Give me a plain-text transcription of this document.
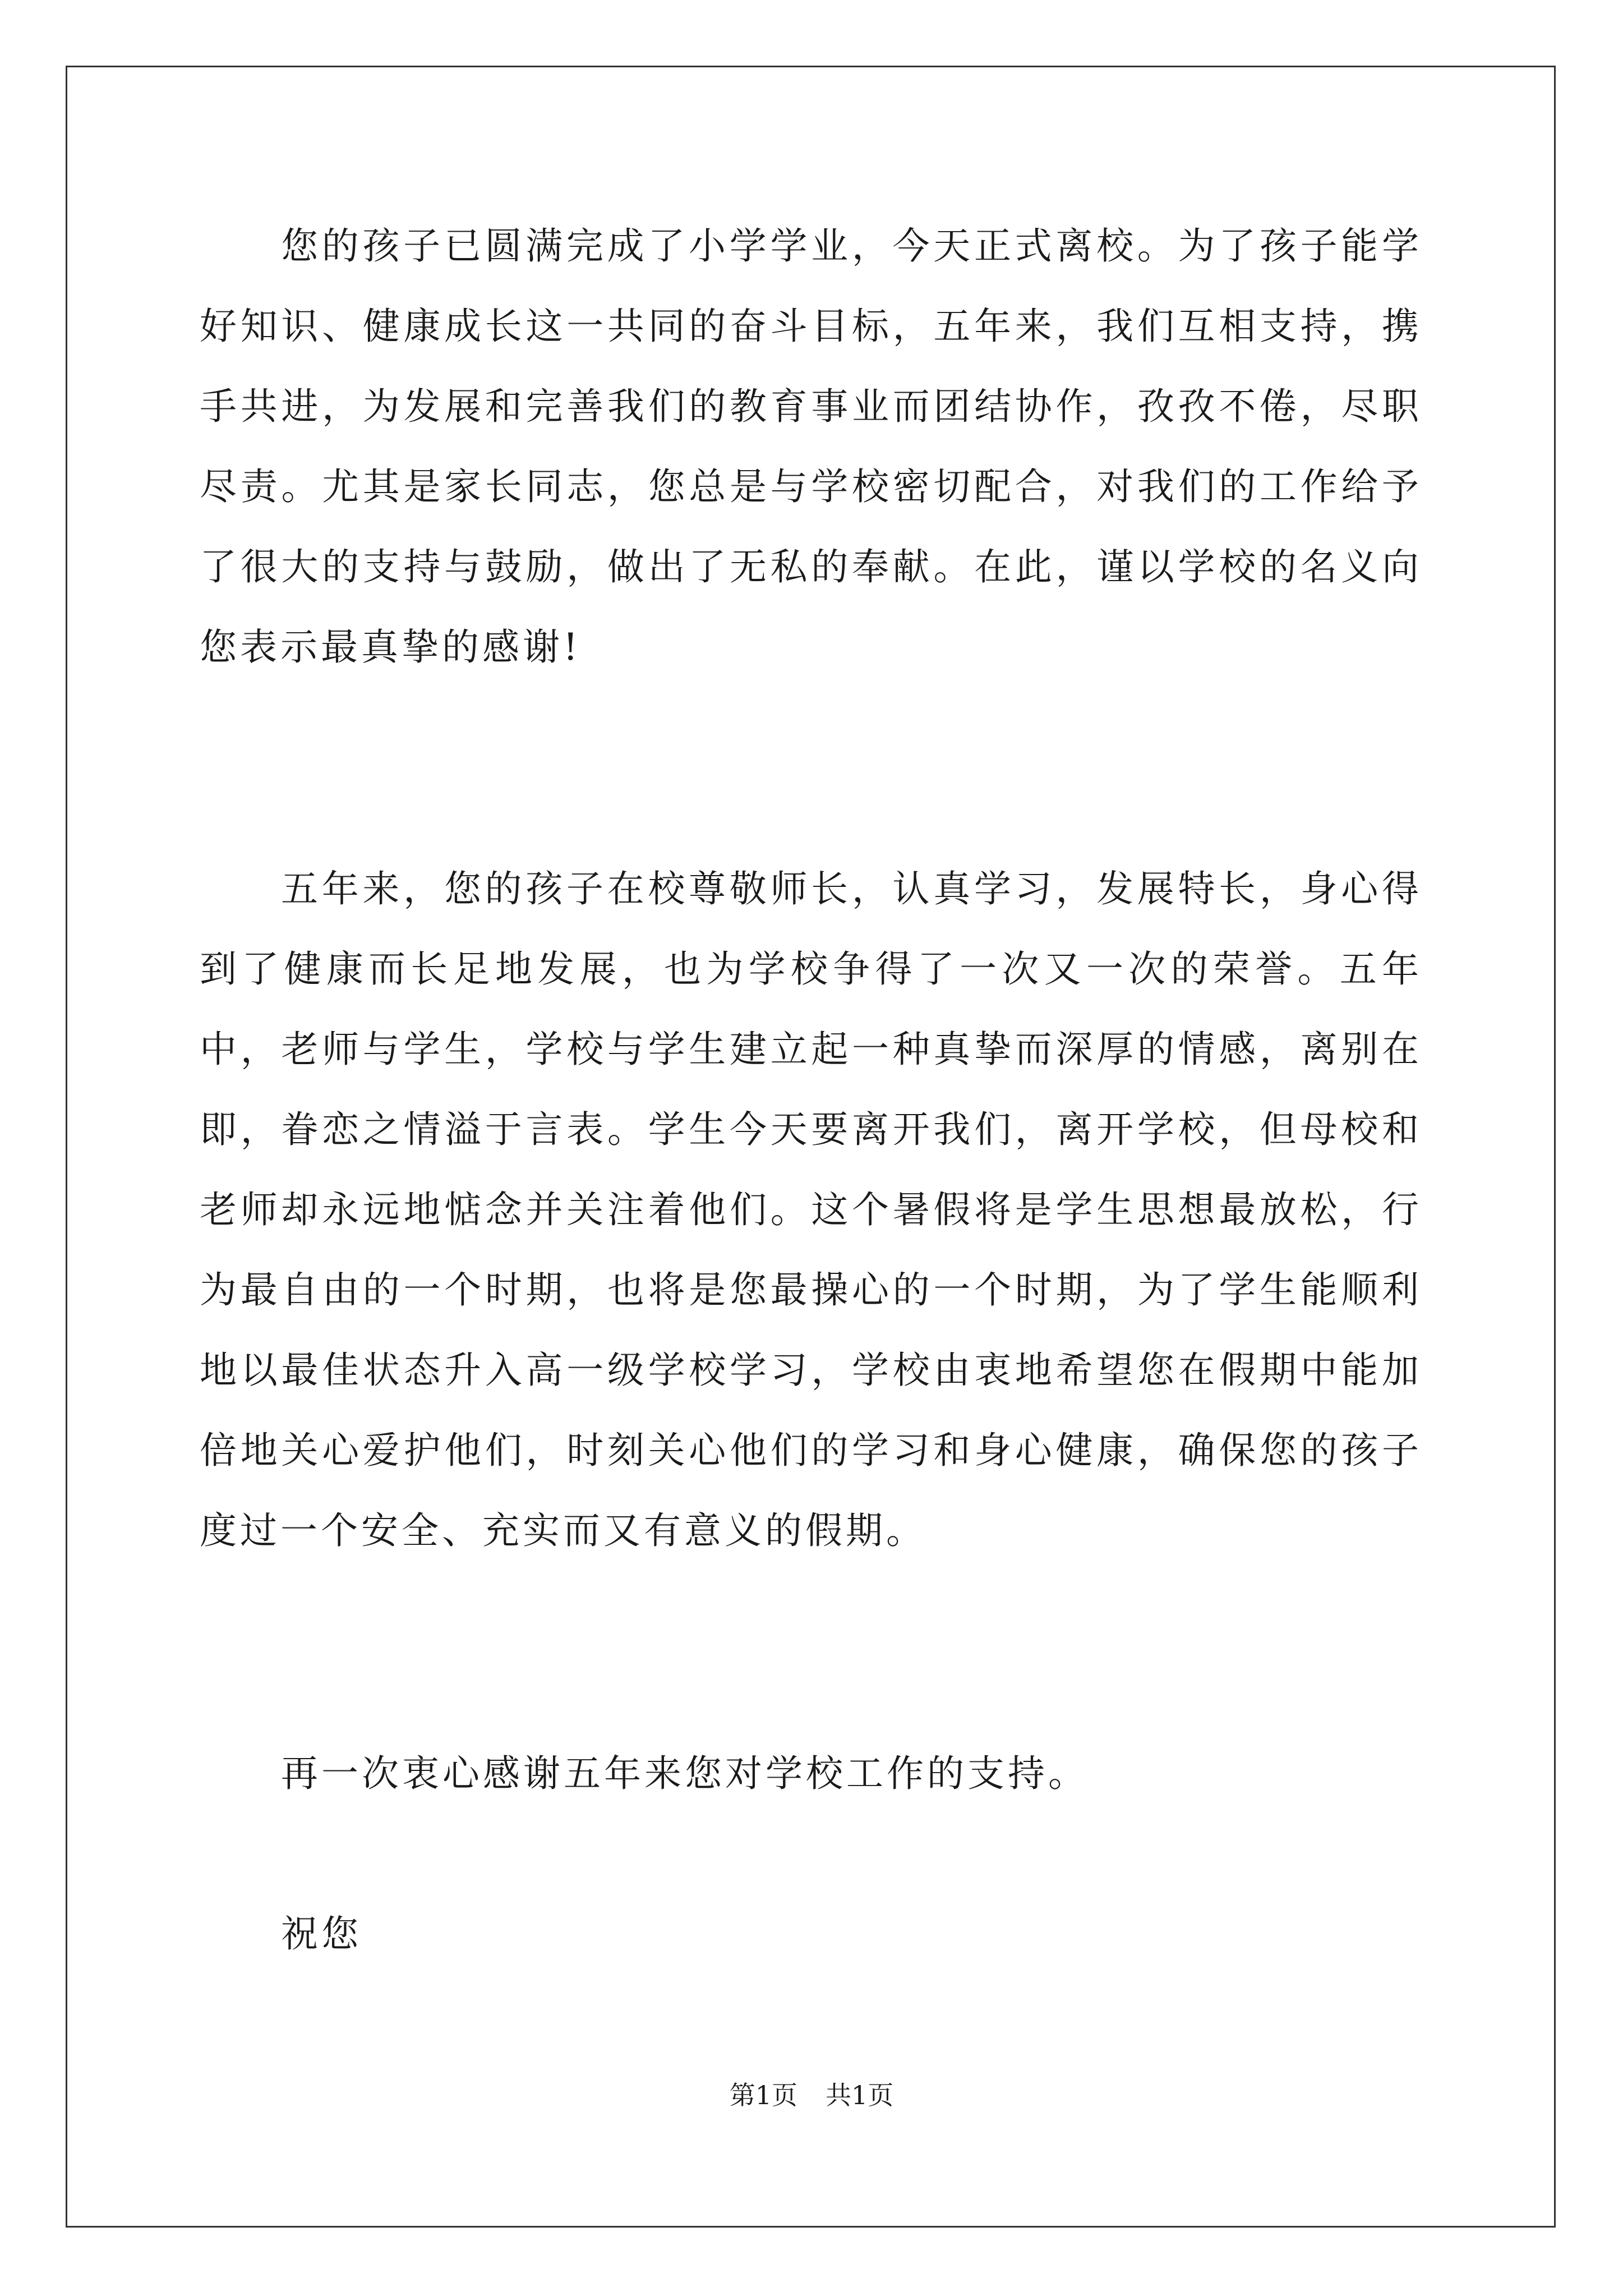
您的孩子已圆满完成了小学学业，今天正式离校。为了孩子能学好知识、健康成长这一共同的奋斗目标，五年来，我们互相支持，携手共进，为发展和完善我们的教育事业而团结协作，孜孜不倦，尽职尽责。尤其是家长同志，您总是与学校密切配合，对我们的工作给予了很大的支持与鼓励，做出了无私的奉献。在此，谨以学校的名义向您表示最真挚的感谢!

五年来，您的孩子在校尊敬师长，认真学习，发展特长，身心得到了健康而长足地发展，也为学校争得了一次又一次的荣誉。五年中，老师与学生，学校与学生建立起一种真挚而深厚的情感，离别在即，眷恋之情溢于言表。学生今天要离开我们，离开学校，但母校和老师却永远地惦念并关注着他们。这个暑假将是学生思想最放松，行为最自由的一个时期，也将是您最操心的一个时期，为了学生能顺利地以最佳状态升入高一级学校学习，学校由衷地希望您在假期中能加倍地关心爱护他们，时刻关心他们的学习和身心健康，确保您的孩子度过一个安全、充实而又有意义的假期。

再一次衷心感谢五年来您对学校工作的支持。

祝您

第1页 共1页
